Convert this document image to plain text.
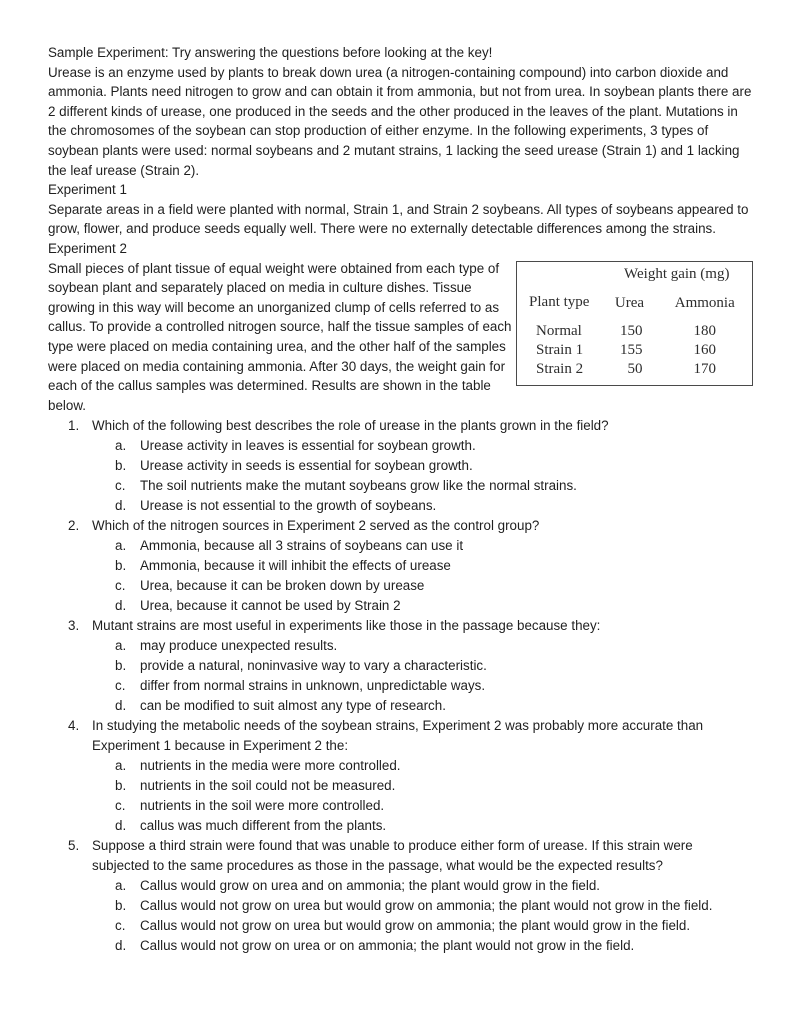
Sample Experiment: Try answering the questions before looking at the key!
Urease is an enzyme used by plants to break down urea (a nitrogen-containing compound) into carbon dioxide and ammonia. Plants need nitrogen to grow and can obtain it from ammonia, but not from urea. In soybean plants there are 2 different kinds of urease, one produced in the seeds and the other produced in the leaves of the plant. Mutations in the chromosomes of the soybean can stop production of either enzyme. In the following experiments, 3 types of soybean plants were used: normal soybeans and 2 mutant strains, 1 lacking the seed urease (Strain 1) and 1 lacking the leaf urease (Strain 2).
Experiment 1
Separate areas in a field were planted with normal, Strain 1, and Strain 2 soybeans. All types of soybeans appeared to grow, flower, and produce seeds equally well. There were no externally detectable differences among the strains.
Experiment 2
Small pieces of plant tissue of equal weight were obtained from each type of soybean plant and separately placed on media in culture dishes. Tissue growing in this way will become an unorganized clump of cells referred to as callus. To provide a controlled nitrogen source, half the tissue samples of each type were placed on media containing urea, and the other half of the samples were placed on media containing ammonia. After 30 days, the weight gain for each of the callus samples was determined. Results are shown in the table below.
Plant type	Weight gain (mg)	
	Urea	Ammonia
Normal	150	180
Strain 1	155	160
Strain 2	50	170
1. Which of the following best describes the role of urease in the plants grown in the field?
a.	Urease activity in leaves is essential for soybean growth.
b.	Urease activity in seeds is essential for soybean growth.
c.	The soil nutrients make the mutant soybeans grow like the normal strains.
d.	Urease is not essential to the growth of soybeans.
2. Which of the nitrogen sources in Experiment 2 served as the control group?
a.	Ammonia, because all 3 strains of soybeans can use it
b.	Ammonia, because it will inhibit the effects of urease
c.	Urea, because it can be broken down by urease
d.	Urea, because it cannot be used by Strain 2
3. Mutant strains are most useful in experiments like those in the passage because they:
a.	may produce unexpected results.
b.	provide a natural, noninvasive way to vary a characteristic.
c.	differ from normal strains in unknown, unpredictable ways.
d.	can be modified to suit almost any type of research.
4. In studying the metabolic needs of the soybean strains, Experiment 2 was probably more accurate than Experiment 1 because in Experiment 2 the:
a.	nutrients in the media were more controlled.
b.	nutrients in the soil could not be measured.
c.	nutrients in the soil were more controlled.
d.	callus was much different from the plants.
5. Suppose a third strain were found that was unable to produce either form of urease. If this strain were subjected to the same procedures as those in the passage, what would be the expected results?
a.	Callus would grow on urea and on ammonia; the plant would grow in the field.
b.	Callus would not grow on urea but would grow on ammonia; the plant would not grow in the field.
c.	Callus would not grow on urea but would grow on ammonia; the plant would grow in the field.
d.	Callus would not grow on urea or on ammonia; the plant would not grow in the field.
